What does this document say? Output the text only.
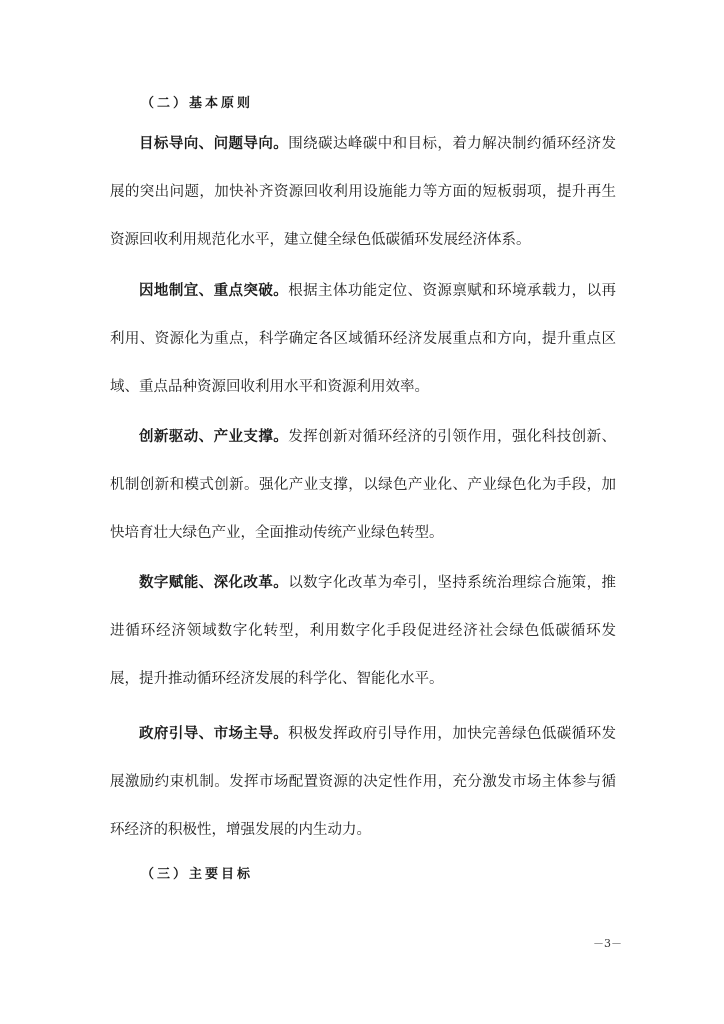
（二）基本原则

目标导向、问题导向。围绕碳达峰碳中和目标，着力解决制约循环经济发展的突出问题，加快补齐资源回收利用设施能力等方面的短板弱项，提升再生资源回收利用规范化水平，建立健全绿色低碳循环发展经济体系。

因地制宜、重点突破。根据主体功能定位、资源禀赋和环境承载力，以再利用、资源化为重点，科学确定各区域循环经济发展重点和方向，提升重点区域、重点品种资源回收利用水平和资源利用效率。

创新驱动、产业支撑。发挥创新对循环经济的引领作用，强化科技创新、机制创新和模式创新。强化产业支撑，以绿色产业化、产业绿色化为手段，加快培育壮大绿色产业，全面推动传统产业绿色转型。

数字赋能、深化改革。以数字化改革为牵引，坚持系统治理综合施策，推进循环经济领域数字化转型，利用数字化手段促进经济社会绿色低碳循环发展，提升推动循环经济发展的科学化、智能化水平。

政府引导、市场主导。积极发挥政府引导作用，加快完善绿色低碳循环发展激励约束机制。发挥市场配置资源的决定性作用，充分激发市场主体参与循环经济的积极性，增强发展的内生动力。

（三）主要目标
－3－
